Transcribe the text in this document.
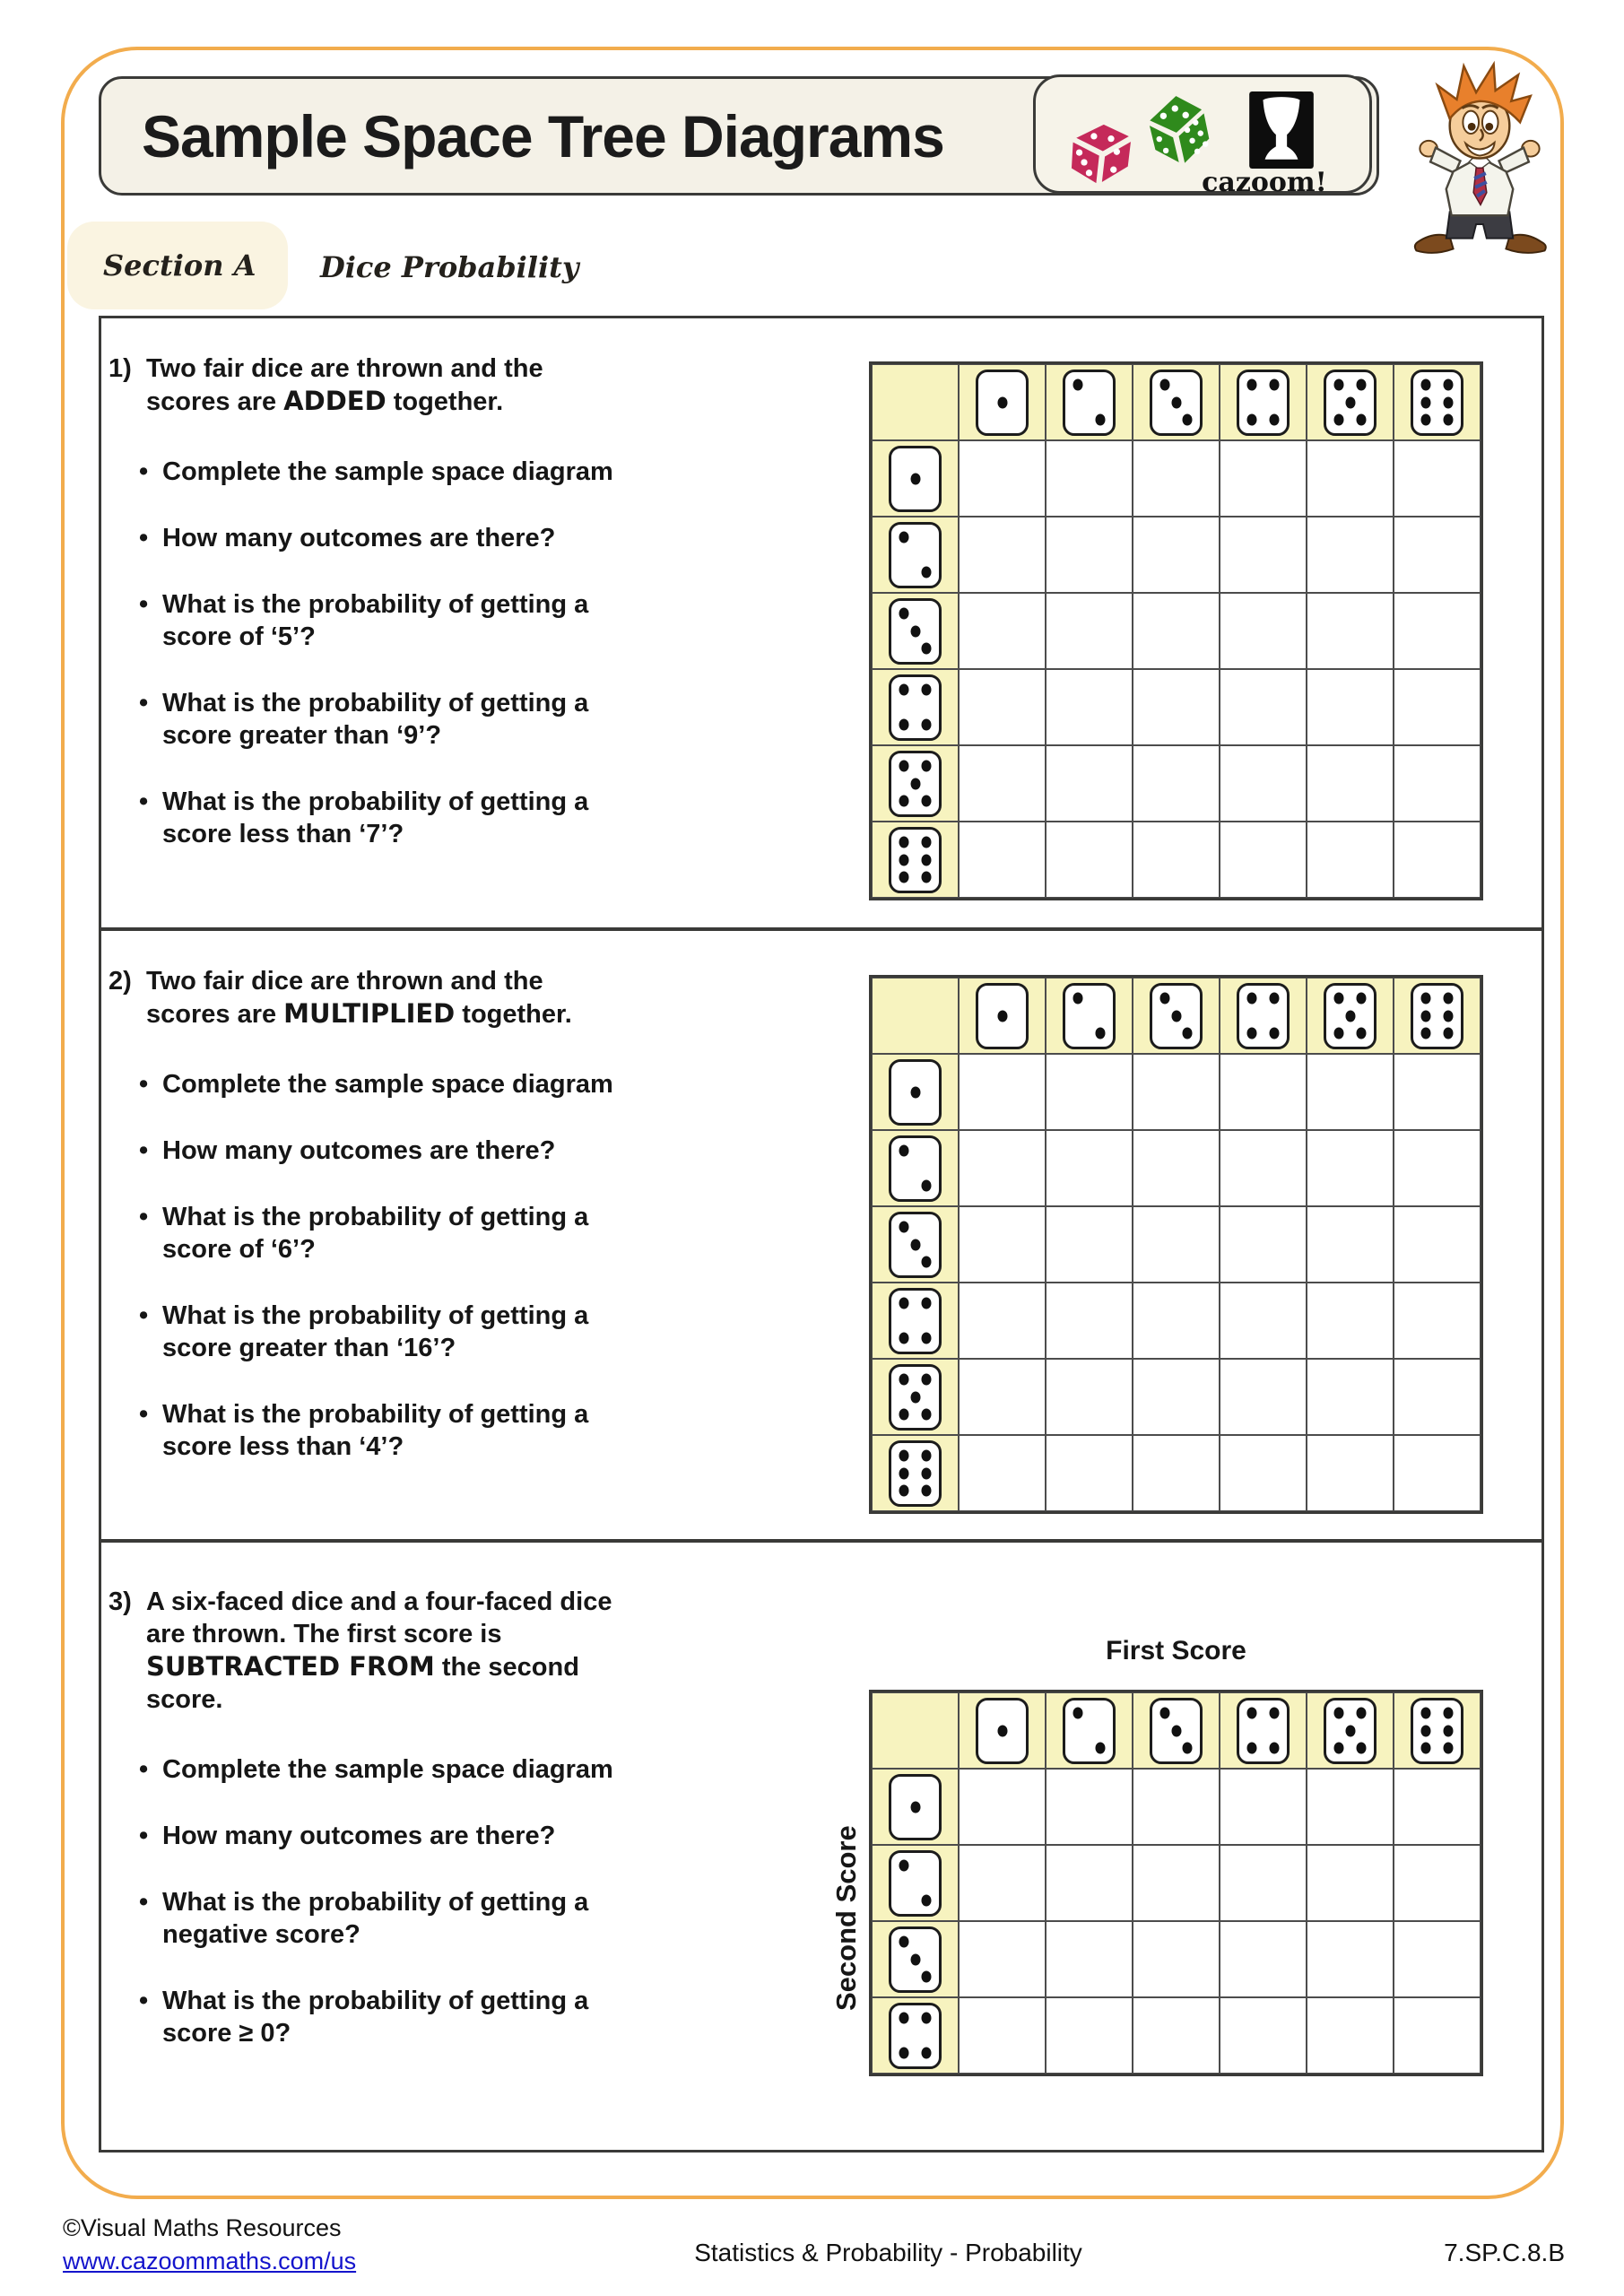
Sample Space Tree Diagrams
cazoom!
Section A Dice Probability
1) Two fair dice are thrown and the scores are ADDED together.

• Complete the sample space diagram
• How many outcomes are there?
• What is the probability of getting a score of ‘5’?
• What is the probability of getting a score greater than ‘9’?
• What is the probability of getting a score less than ‘7’?
2) Two fair dice are thrown and the scores are MULTIPLIED together.

• Complete the sample space diagram
• How many outcomes are there?
• What is the probability of getting a score of ‘6’?
• What is the probability of getting a score greater than ‘16’?
• What is the probability of getting a score less than ‘4’?
3) A six-faced dice and a four-faced dice are thrown. The first score is SUBTRACTED FROM the second score.

• Complete the sample space diagram
• How many outcomes are there?
• What is the probability of getting a negative score?
• What is the probability of getting a score ≥ 0?
First Score
Second Score
©Visual Maths Resources
www.cazoommaths.com/us	Statistics & Probability - Probability	7.SP.C.8.B
